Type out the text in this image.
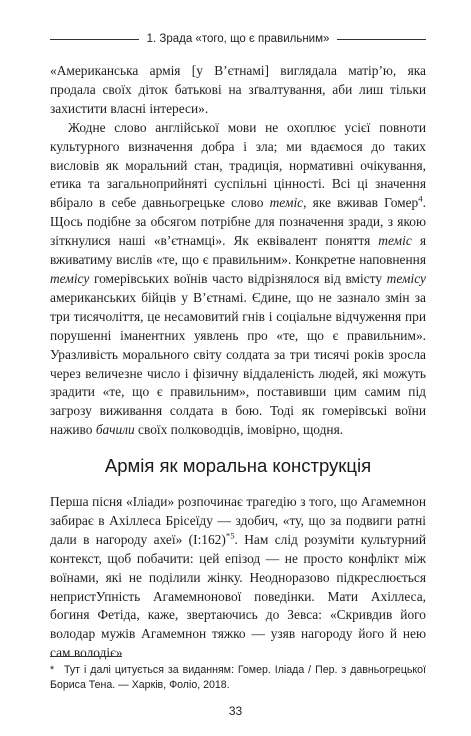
1. Зрада «того, що є правильним»

«Американська армія [у В’єтнамі] виглядала матір’ю, яка продала своїх діток батькові на зґвалтування, аби лиш тільки захистити власні інтереси».

Жодне слово англійської мови не охоплює усієї повноти культурного визначення добра і зла; ми вдаємося до таких висловів як моральний стан, традиція, нормативні очікування, етика та загальноприйняті суспільні цінності. Всі ці значення вбірало в себе давньогрецьке слово теміс, яке вживав Гомер$^4$. Щось подібне за обсягом потрібне для позначення зради, з якою зіткнулися наші «в’єтнамці». Як еквівалент поняття теміс я вживатиму вислів «те, що є правильним». Конкретне наповнення темісу гомерівських воїнів часто відрізнялося від вмісту темісу американських бійців у В’єтнамі. Єдине, що не зазнало змін за три тисячоліття, це несамовитий гнів і соціальне відчуження при порушенні іманентних уявлень про «те, що є правильним». Уразливість морального світу солдата за три тисячі років зросла через величезне число і фізичну віддаленість людей, які можуть зрадити «те, що є правильним», поставивши цим самим під загрозу виживання солдата в бою. Тоді як гомерівські воїни наживо бачили своїх полководців, імовірно, щодня.

Армія як моральна конструкція

Перша пісня «Іліади» розпочинає трагедію з того, що Агамемнон забирає в Ахіллеса Брісеїду — здобич, «ту, що за подвиги ратні дали в нагороду ахеї» (I:162)$^{*5}$. Нам слід розуміти культурний контекст, щоб побачити: цей епізод — не просто конфлікт між воїнами, які не поділили жінку. Неодноразово підкреслюється непристУпність Агамемнонової поведінки. Мати Ахіллеса, богиня Фетіда, каже, звертаючись до Зевса: «Скривдив його володар мужів Агамемнон тяжко — узяв нагороду його й нею сам володіє»

* Тут і далі цитується за виданням: Гомер. Іліада / Пер. з давньогрецької Бориса Тена. — Харків, Фоліо, 2018.
33
